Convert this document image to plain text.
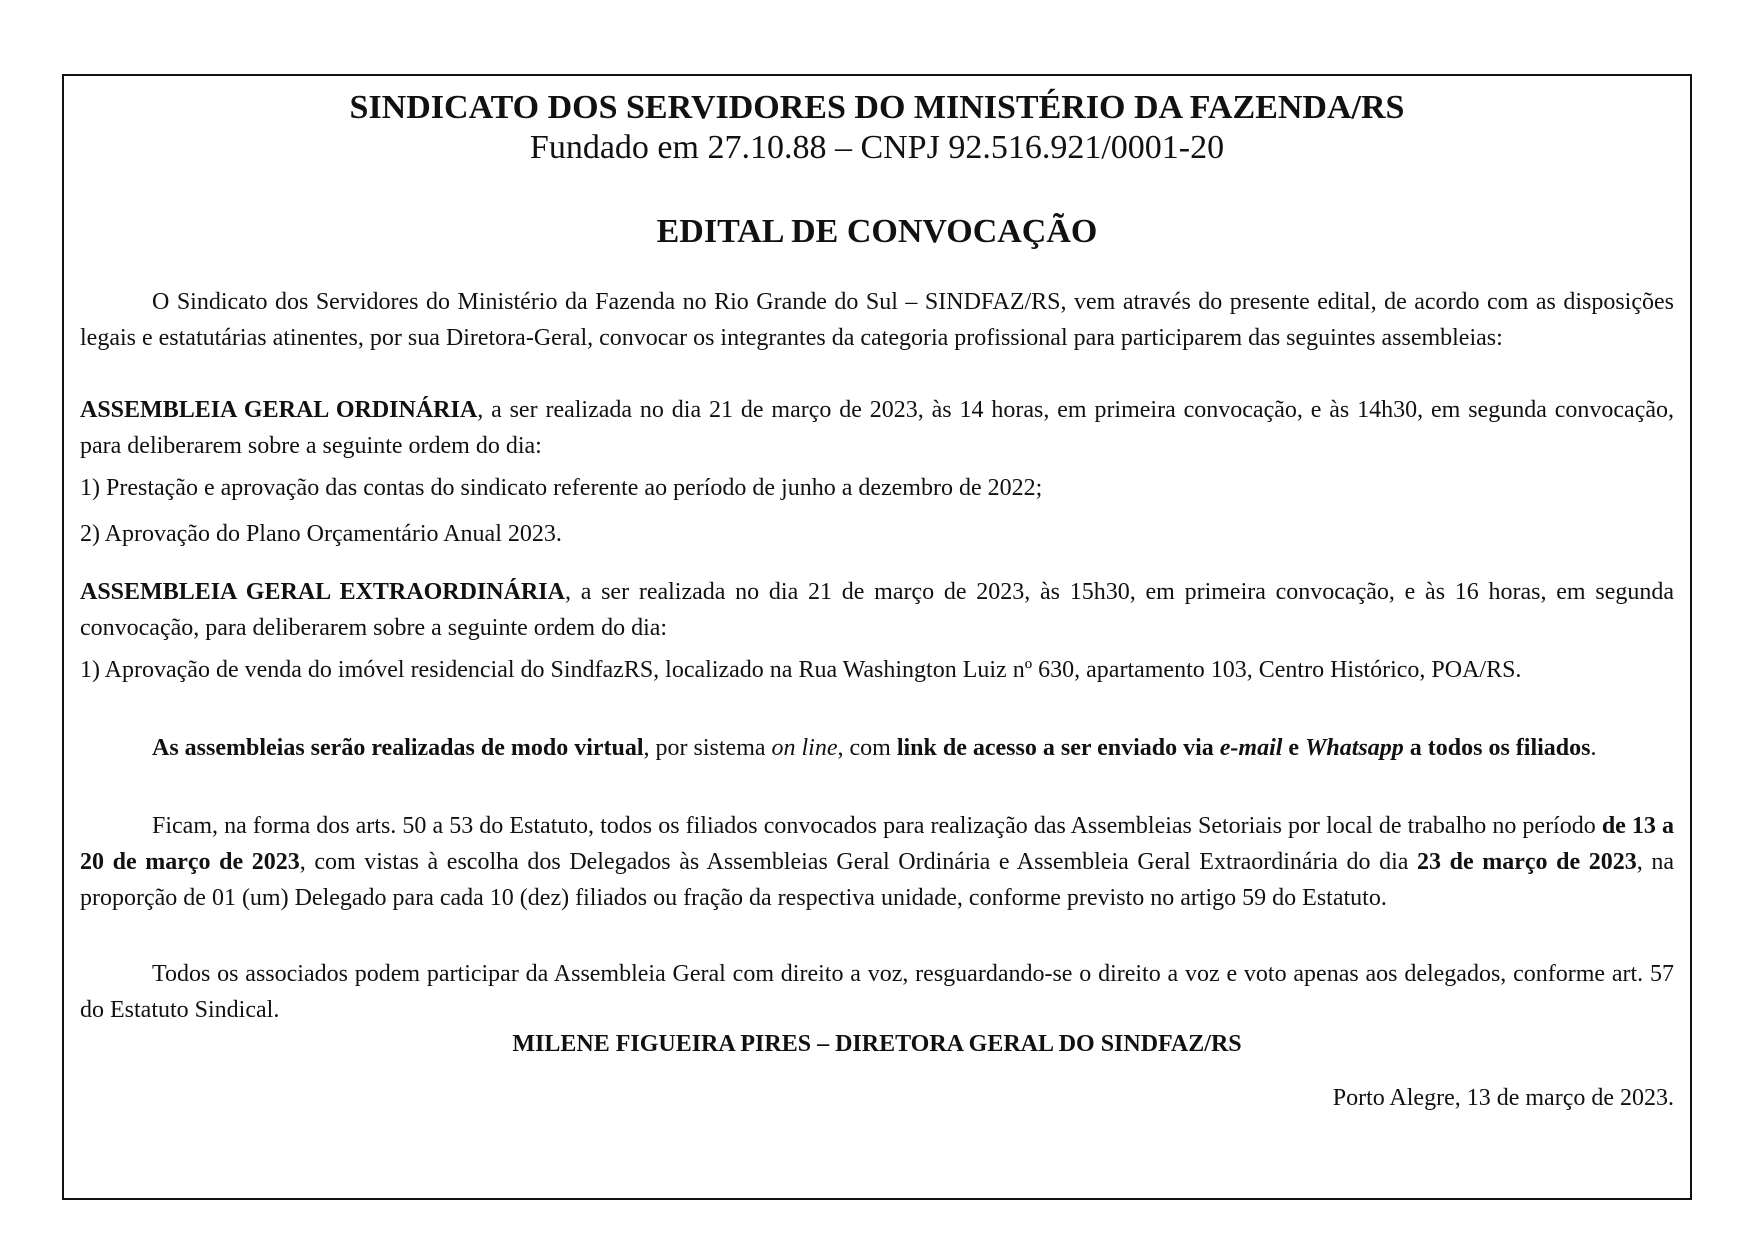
SINDICATO DOS SERVIDORES DO MINISTÉRIO DA FAZENDA/RS
Fundado em 27.10.88 – CNPJ 92.516.921/0001-20
EDITAL DE CONVOCAÇÃO

O Sindicato dos Servidores do Ministério da Fazenda no Rio Grande do Sul – SINDFAZ/RS, vem através do presente edital, de acordo com as disposições legais e estatutárias atinentes, por sua Diretora-Geral, convocar os integrantes da categoria profissional para participarem das seguintes assembleias:

ASSEMBLEIA GERAL ORDINÁRIA, a ser realizada no dia 21 de março de 2023, às 14 horas, em primeira convocação, e às 14h30, em segunda convocação, para deliberarem sobre a seguinte ordem do dia:

1) Prestação e aprovação das contas do sindicato referente ao período de junho a dezembro de 2022;

2) Aprovação do Plano Orçamentário Anual 2023.

ASSEMBLEIA GERAL EXTRAORDINÁRIA, a ser realizada no dia 21 de março de 2023, às 15h30, em primeira convocação, e às 16 horas, em segunda convocação, para deliberarem sobre a seguinte ordem do dia:

1) Aprovação de venda do imóvel residencial do SindfazRS, localizado na Rua Washington Luiz nº 630, apartamento 103, Centro Histórico, POA/RS.

As assembleias serão realizadas de modo virtual, por sistema on line, com link de acesso a ser enviado via e-mail e Whatsapp a todos os filiados.

Ficam, na forma dos arts. 50 a 53 do Estatuto, todos os filiados convocados para realização das Assembleias Setoriais por local de trabalho no período de 13 a 20 de março de 2023, com vistas à escolha dos Delegados às Assembleias Geral Ordinária e Assembleia Geral Extraordinária do dia 23 de março de 2023, na proporção de 01 (um) Delegado para cada 10 (dez) filiados ou fração da respectiva unidade, conforme previsto no artigo 59 do Estatuto.

Todos os associados podem participar da Assembleia Geral com direito a voz, resguardando-se o direito a voz e voto apenas aos delegados, conforme art. 57 do Estatuto Sindical.

MILENE FIGUEIRA PIRES – DIRETORA GERAL DO SINDFAZ/RS

Porto Alegre, 13 de março de 2023.
